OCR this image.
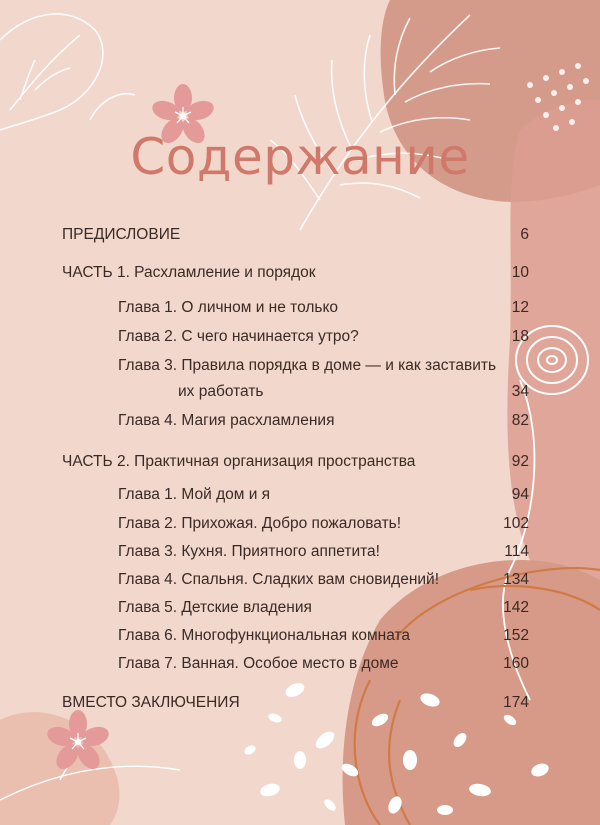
Содержание
ПРЕДИСЛОВИЕ	6
ЧАСТЬ 1. Расхламление и порядок	10
Глава 1. О личном и не только	12
Глава 2. С чего начинается утро?	18
Глава 3. Правила порядка в доме — и как заставить
их работать	34
Глава 4. Магия расхламления	82
ЧАСТЬ 2. Практичная организация пространства	92
Глава 1. Мой дом и я	94
Глава 2. Прихожая. Добро пожаловать!	102
Глава 3. Кухня. Приятного аппетита!	114
Глава 4. Спальня. Сладких вам сновидений!	134
Глава 5. Детские владения	142
Глава 6. Многофункциональная комната	152
Глава 7. Ванная. Особое место в доме	160
ВМЕСТО ЗАКЛЮЧЕНИЯ	174
